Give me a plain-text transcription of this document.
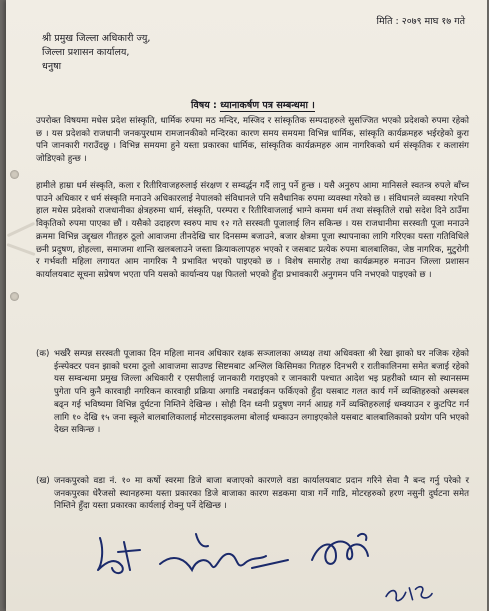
मिति : २०७९ माघ १७ गते
श्री प्रमुख जिल्ला अधिकारी ज्यु,
जिल्ला प्रशासन कार्यालय,
धनुषा
विषय : ध्यानाकर्षण पत्र सम्बन्धमा ।
उपरोक्त विषयमा मधेस प्रदेश सांस्कृति, धार्मिक रुपमा मठ मन्दिर, मस्जिद र सांस्कृतिक सम्पदाहरुले सुसज्जित भएको प्रदेशको रुपमा रहेको छ । यस प्रदेशको राजधानी जनकपुरधाम रामजानकीको मन्दिरका कारण समय समयमा विभिन्न धार्मिक, सांस्कृति कार्यक्रमहरु भईरहेको कुरा पनि जानकारी गराउँदछु । विभिन्न समयमा हुने यस्ता प्रकारका धार्मिक, सांस्कृतिक कार्यक्रमहरु आम नागरिकको धर्म संस्कृतिक र कलासंग जोडिएको हुन्छ ।
हामीले हाम्रा धर्म संस्कृति, कला र रितीरिवाजहरुलाई संरक्षण र सम्वर्द्धन गर्दै लानु पर्ने हुन्छ । यसै अनुरुप आमा मानिसले स्वतन्त्र रुपले बाँच्न पाउने अधिकार र धर्म संस्कृति मनाउने अधिकारलाई नेपालको संविधानले पनि सवैधानिक रुपमा व्यवस्था गरेको छ । संविधानले व्यवस्था गरेपनि हाल मधेस प्रदेशको राजधानीका क्षेत्रहरुमा धार्म, संस्कृति, परम्परा र रितीरिवाजलाई भाग्ने कममा धर्म तथा संस्कृतिले राम्रो सदेश दिने ठाउँमा विकृतिको रुपमा पाएका छौं । यसैको उदाहरण स्वरुप माघ १२ गते सरस्वती पूजालाई लिन सकिन्छ । यस राजधानीमा सरस्वती पूजा मनाउने क्रममा विभिन्न उद्दृखल गीतहरु ठूलो आवाजमा तीनदेखि चार दिनसम्म बजाउने, बजार क्षेत्रमा पूजा स्थापनाका लागि गरिएका यस्ता गतिविधिले छनी प्रदुषण, होहल्ला, समाजमा शान्ति खलबलाउने जस्ता क्रियाकलापहरु भएको र जसबाट प्रत्येक रुपमा बालबालिका, जेष्ठ नागरिक, मुटुरोगी र गर्भवती महिला लगायत आम नागरिक नै प्रभावित भएको पाइएको छ । विशेष समारोह तथा कार्यक्रमहरु मनाउन जिल्ला प्रशासन कार्यालयबाट सूचना सप्रेषण भएता पनि यसको कार्यान्वय पक्ष फितलो भएको हुँदा प्रभावकारी अनुगमन पनि नभएको पाइएको छ ।
(क) भर्खरै सम्पन्न सरस्वती पूजाका दिन महिला मानव अधिकार रक्षक सञ्जालका अध्यक्ष तथा अधिवक्ता श्री रेखा झाको घर नजिक रहेको ईन्स्पेक्टर पवन झाको घरमा ठूलो आवाजमा साउण्ड सिष्टमबाट अश्लिल किसिमका गितहरु दिनभरी र रातीकालिनमा समेत बजाई रहेको यस सम्वन्धमा प्रमुख जिल्ला अधिकारी र एसपीलाई जानकारी गराइएको र जानकारी पश्चात आदेश भइ प्रहरीको ध्यान सो स्थानसम्म पुगेता पनि कुनै कारवाही नगरिकन कारवाही प्रक्रिया अगाडि नबढाईकन फर्किएको हुँदा यसबाट गलत कार्य गर्ने व्यक्तिहरुको अस्मबल बढ्न गई भविष्यमा विभिन्न दुर्घटना निम्तिने देखिन्छ । सोही दिन ध्वनी प्रदुषण नगर्न आग्रह गर्ने व्यक्तिहरुलाई धम्क्याउन र कुटपिट गर्न लागि १० देखि १५ जना स्कूले बालबालिकालाई मोटरसाइकलमा बोलाई धम्काउन लगाइएकोले यसबाट बालबालिकाको प्रयोग पनि भएको देख्न सकिन्छ ।
(ख) जनकपुरको वडा नं. १० मा कर्षो स्वरमा डिजे बाजा बजाएको कारणले वडा कार्यालयबाट प्रदान गरिने सेवा नै बन्द गर्नु परेको र जनकपुरका धेरैजसो स्थानहरुमा यस्ता प्रकारका डिजे बाजाका कारण सडकमा यात्रा गर्ने गाडि, मोटरहरुको हरण नसुनी दुर्घटना समेत निम्तिने हुँदा यस्ता प्रकारका कार्यलाई रोक्नु पर्ने देखिन्छ ।
